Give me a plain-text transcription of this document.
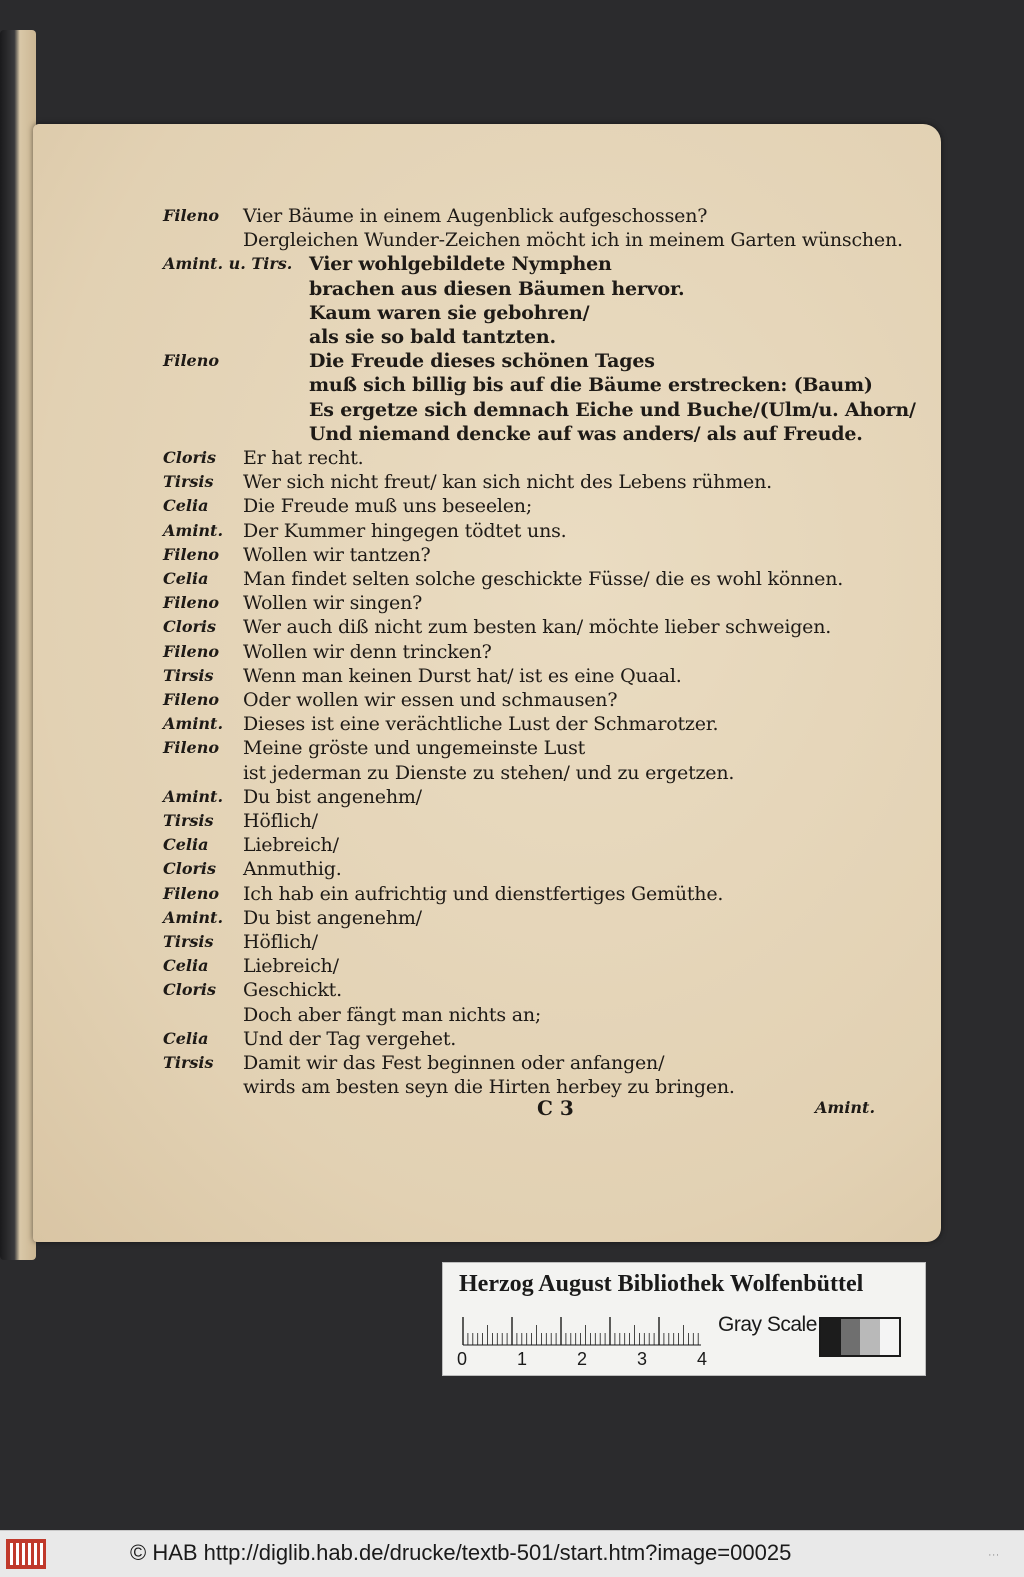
Fileno	Vier Bäume in einem Augenblick aufgeschossen?
Dergleichen Wunder-Zeichen möcht ich in meinem Garten wünschen.
Amint. u. Tirs. Vier wohlgebildete Nymphen
brachen aus diesen Bäumen hervor.
Kaum waren sie gebohren/
als sie so bald tantzten.
Fileno	Die Freude dieses schönen Tages
muß sich billig bis auf die Bäume erstrecken: (Baum)
Es ergetze sich demnach Eiche und Buche/(Ulm/u. Ahorn/
Und niemand dencke auf was anders/ als auf Freude.
Cloris	Er hat recht.
Tirsis	Wer sich nicht freut/ kan sich nicht des Lebens rühmen.
Celia	Die Freude muß uns beseelen;
Amint.	Der Kummer hingegen tödtet uns.
Fileno	Wollen wir tantzen?
Celia	Man findet selten solche geschickte Füsse/ die es wohl können.
Fileno	Wollen wir singen?
Cloris	Wer auch diß nicht zum besten kan/ möchte lieber schweigen.
Fileno	Wollen wir denn trincken?
Tirsis	Wenn man keinen Durst hat/ ist es eine Quaal.
Fileno	Oder wollen wir essen und schmausen?
Amint.	Dieses ist eine verächtliche Lust der Schmarotzer.
Fileno	Meine gröste und ungemeinste Lust
ist jederman zu Dienste zu stehen/ und zu ergetzen.
Amint.	Du bist angenehm/
Tirsis	Höflich/
Celia	Liebreich/
Cloris	Anmuthig.
Fileno	Ich hab ein aufrichtig und dienstfertiges Gemüthe.
Amint.	Du bist angenehm/
Tirsis	Höflich/
Celia	Liebreich/
Cloris	Geschickt.
Doch aber fängt man nichts an;
Celia	Und der Tag vergehet.
Tirsis	Damit wir das Fest beginnen oder anfangen/
wirds am besten seyn die Hirten herbey zu bringen.
C 3	Amint.
Herzog August Bibliothek Wolfenbüttel
0	1	2	3	4
Gray Scale
© HAB http://diglib.hab.de/drucke/textb-501/start.htm?image=00025	···
